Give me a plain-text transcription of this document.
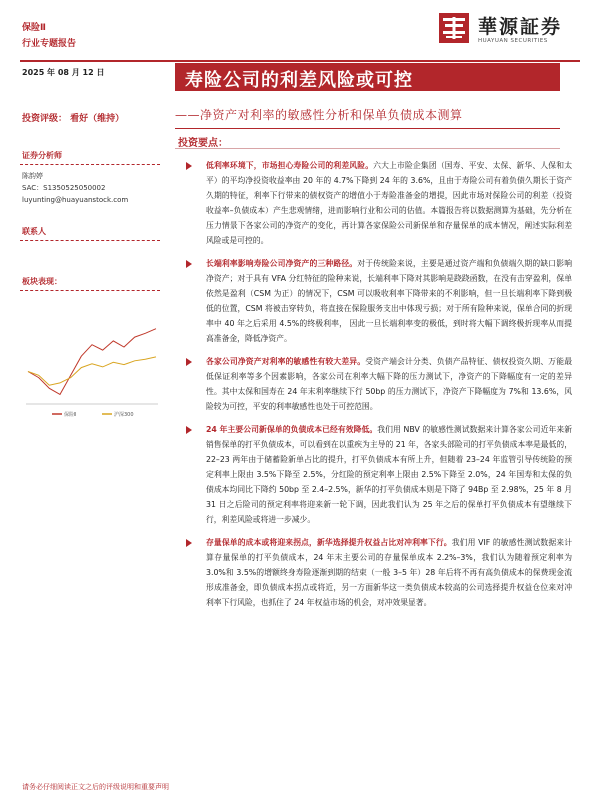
保险Ⅱ
行业专题报告
華源証券
HUAYUAN SECURITIES
2025 年 08 月 12 日	寿险公司的利差风险或可控
投资评级： 看好（维持）	——净资产对利率的敏感性分析和保单负债成本测算
投资要点：
证券分析师
陈韵婷
SAC：S1350525050002
luyunting@huayuanstock.com
联系人
板块表现：
保险Ⅱ	沪深300
低利率环境下，市场担心寿险公司的利差风险。六大上市险企集团（国寿、平安、太保、新华、人保和太平）的平均净投资收益率由 20 年的 4.7%下降到 24 年的 3.6%，且由于寿险公司有着负债久期长于资产久期的特征，利率下行带来的债权资产的增值小于寿险准备金的增提，因此市场对保险公司的利差（投资收益率–负债成本）产生悲观情绪，进而影响行业和公司的估值。本篇报告将以数据测算为基础，先分析在压力情景下各家公司的净资产的变化，再计算各家保险公司新保单和存量保单的成本情况，阐述实际利差风险或是可控的。
长端利率影响寿险公司净资产的三种路径。对于传统险来说，主要是通过资产端和负债端久期的缺口影响净资产；对于具有 VFA 分红特征的险种来说，长端利率下降对其影响是跷跷函数，在没有击穿盈利，保单依然是盈利（CSM 为正）的情况下，CSM 可以吸收利率下降带来的不利影响，但一旦长端利率下降到极低的位置，CSM 将被击穿转负，将直接在保险服务支出中体现亏损；对于所有险种来说，保单合同的折现率中 40 年之后采用 4.5%的终极利率， 因此一旦长端利率变的极低，到时将大幅下调终极折现率从而提高准备金，降低净资产。
各家公司净资产对利率的敏感性有较大差异。受资产端会计分类、负债产品特征、债权投资久期、万能最低保证利率等多个因素影响，各家公司在利率大幅下降的压力测试下，净资产的下降幅度有一定的差异性。其中太保和国寿在 24 年末利率继续下行 50bp 的压力测试下，净资产下降幅度为 7%和 13.6%，风险较为可控，平安的利率敏感性也处于可控范围。
24 年主要公司新保单的负债成本已经有效降低。我们用 NBV 的敏感性测试数据来计算各家公司近年来新销售保单的打平负债成本，可以看到在以重疾为主导的 21 年，各家头部险司的打平负债成本率是最低的，22–23 两年由于储蓄险新单占比的提升，打平负债成本有所上升，但随着 23–24 年监管引导传统险的预定利率上限由 3.5%下降至 2.5%，分红险的预定利率上限由 2.5%下降至 2.0%，24 年国寿和太保的负债成本均同比下降约 50bp 至 2.4–2.5%，新华的打平负债成本则是下降了 94Bp 至 2.98%，25 年 8 月 31 日之后险司的预定利率将迎来新一轮下调，因此我们认为 25 年之后的保单打平负债成本有望继续下行，利差风险或将进一步减少。
存量保单的成本或将迎来拐点，新华选择提升权益占比对冲利率下行。我们用 VIF 的敏感性测试数据来计算存量保单的打平负债成本，24 年末主要公司的存量保单成本 2.2%–3%，我们认为随着预定利率为 3.0%和 3.5%的增额终身寿险逐渐到期的结束（一般 3–5 年）28 年后将不再有高负债成本的保费现金流形成准备金，即负债成本拐点或将近，另一方面新华这一类负债成本较高的公司选择提升权益仓位来对冲利率下行风险，也抓住了 24 年权益市场的机会，对冲效果显著。
请务必仔细阅读正文之后的评级说明和重要声明
